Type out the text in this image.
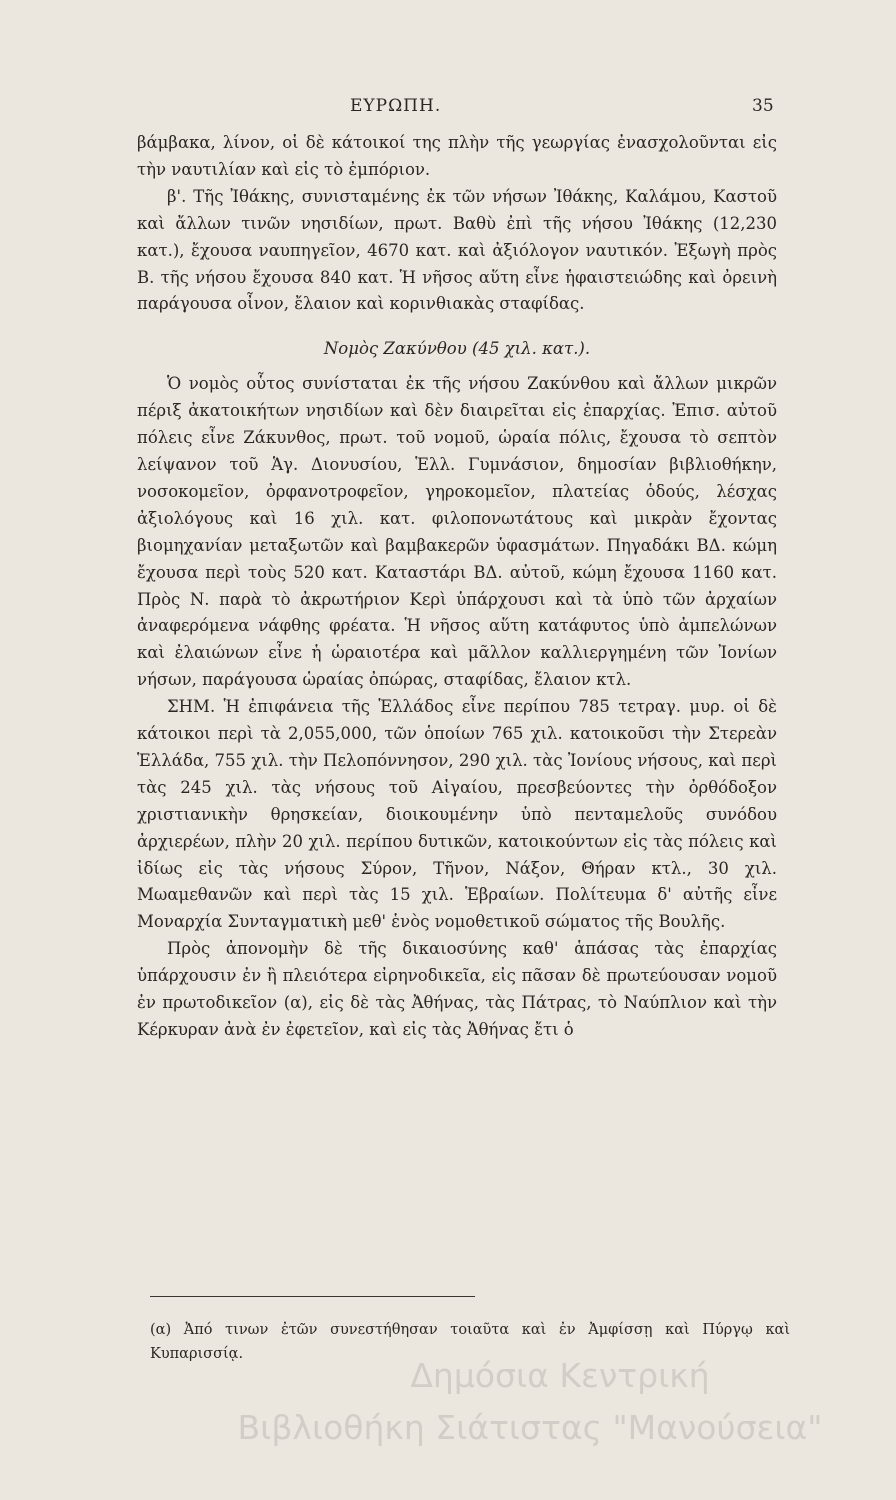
ΕΥΡΩΠΗ.	35

βάμβακα, λίνον, οἱ δὲ κάτοικοί της πλὴν τῆς γεωργίας ἐνασχολοῦνται εἰς τὴν ναυτιλίαν καὶ εἰς τὸ ἐμπόριον.

β'. Τῆς Ἰθάκης, συνισταμένης ἐκ τῶν νήσων Ἰθάκης, Καλάμου, Καστοῦ καὶ ἄλλων τινῶν νησιδίων, πρωτ. Βαθὺ ἐπὶ τῆς νήσου Ἰθάκης (12,230 κατ.), ἔχουσα ναυπηγεῖον, 4670 κατ. καὶ ἀξιόλογον ναυτικόν. Ἐξωγὴ πρὸς Β. τῆς νήσου ἔχουσα 840 κατ. Ἡ νῆσος αὕτη εἶνε ἡφαιστειώδης καὶ ὀρεινὴ παράγουσα οἶνον, ἔλαιον καὶ κορινθιακὰς σταφίδας.

Νομὸς Ζακύνθου (45 χιλ. κατ.).

Ὁ νομὸς οὗτος συνίσταται ἐκ τῆς νήσου Ζακύνθου καὶ ἄλλων μικρῶν πέριξ ἀκατοικήτων νησιδίων καὶ δὲν διαιρεῖται εἰς ἐπαρχίας. Ἐπισ. αὐτοῦ πόλεις εἶνε Ζάκυνθος, πρωτ. τοῦ νομοῦ, ὡραία πόλις, ἔχουσα τὸ σεπτὸν λείψανον τοῦ Ἁγ. Διονυσίου, Ἑλλ. Γυμνάσιον, δημοσίαν βιβλιοθήκην, νοσοκομεῖον, ὀρφανοτροφεῖον, γηροκομεῖον, πλατείας ὁδούς, λέσχας ἀξιολόγους καὶ 16 χιλ. κατ. φιλοπονωτάτους καὶ μικρὰν ἔχοντας βιομηχανίαν μεταξωτῶν καὶ βαμβακερῶν ὑφασμάτων. Πηγαδάκι ΒΔ. κώμη ἔχουσα περὶ τοὺς 520 κατ. Καταστάρι ΒΔ. αὐτοῦ, κώμη ἔχουσα 1160 κατ. Πρὸς Ν. παρὰ τὸ ἀκρωτήριον Κερὶ ὑπάρχουσι καὶ τὰ ὑπὸ τῶν ἀρχαίων ἀναφερόμενα νάφθης φρέατα. Ἡ νῆσος αὕτη κατάφυτος ὑπὸ ἀμπελώνων καὶ ἐλαιώνων εἶνε ἡ ὡραιοτέρα καὶ μᾶλλον καλλιεργημένη τῶν Ἰονίων νήσων, παράγουσα ὡραίας ὀπώρας, σταφίδας, ἔλαιον κτλ.

ΣΗΜ. Ἡ ἐπιφάνεια τῆς Ἑλλάδος εἶνε περίπου 785 τετραγ. μυρ. οἱ δὲ κάτοικοι περὶ τὰ 2,055,000, τῶν ὁποίων 765 χιλ. κατοικοῦσι τὴν Στερεὰν Ἑλλάδα, 755 χιλ. τὴν Πελοπόννησον, 290 χιλ. τὰς Ἰονίους νήσους, καὶ περὶ τὰς 245 χιλ. τὰς νήσους τοῦ Αἰγαίου, πρεσβεύοντες τὴν ὀρθόδοξον χριστιανικὴν θρησκείαν, διοικουμένην ὑπὸ πενταμελοῦς συνόδου ἀρχιερέων, πλὴν 20 χιλ. περίπου δυτικῶν, κατοικούντων εἰς τὰς πόλεις καὶ ἰδίως εἰς τὰς νήσους Σύρον, Τῆνον, Νάξον, Θήραν κτλ., 30 χιλ. Μωαμεθανῶν καὶ περὶ τὰς 15 χιλ. Ἑβραίων. Πολίτευμα δ' αὐτῆς εἶνε Μοναρχία Συνταγματικὴ μεθ' ἑνὸς νομοθετικοῦ σώματος τῆς Βουλῆς.

Πρὸς ἀπονομὴν δὲ τῆς δικαιοσύνης καθ' ἁπάσας τὰς ἐπαρχίας ὑπάρχουσιν ἐν ἢ πλειότερα εἰρηνοδικεῖα, εἰς πᾶσαν δὲ πρωτεύουσαν νομοῦ ἐν πρωτοδικεῖον (α), εἰς δὲ τὰς Ἀθήνας, τὰς Πάτρας, τὸ Ναύπλιον καὶ τὴν Κέρκυραν ἀνὰ ἐν ἐφετεῖον, καὶ εἰς τὰς Ἀθήνας ἔτι ὁ

(α) Ἀπό τινων ἐτῶν συνεστήθησαν τοιαῦτα καὶ ἐν Ἀμφίσσῃ καὶ Πύργῳ καὶ Κυπαρισσίᾳ.
Δημόσια Κεντρική
Βιβλιοθήκη Σιάτιστας "Μανούσεια"
